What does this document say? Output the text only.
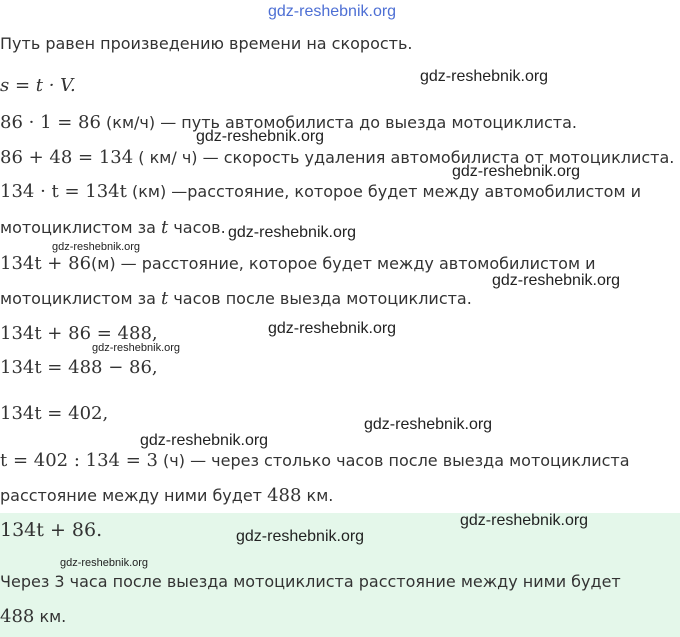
Путь равен произведению времени на скорость.
s = t · V.
86 · 1 = 86 (км/ч) — путь автомобилиста до выезда мотоциклиста.
86 + 48 = 134 ( км/ ч) — скорость удаления автомобилиста от мотоциклиста.
134 · t = 134t (км) —расстояние, которое будет между автомобилистом и
мотоциклистом за t часов.
134t + 86(м) — расстояние, которое будет между автомобилистом и
мотоциклистом за t часов после выезда мотоциклиста.
134t + 86 = 488,
134t = 488 − 86,
134t = 402,
t = 402 : 134 = 3 (ч) — через столько часов после выезда мотоциклиста
расстояние между ними будет 488 км.
134t + 86.
Через 3 часа после выезда мотоциклиста расстояние между ними будет
488 км.
gdz-reshebnik.org
gdz-reshebnik.org
gdz-reshebnik.org
gdz-reshebnik.org
gdz-reshebnik.org
gdz-reshebnik.org
gdz-reshebnik.org
gdz-reshebnik.org
gdz-reshebnik.org
gdz-reshebnik.org
gdz-reshebnik.org
gdz-reshebnik.org
gdz-reshebnik.org
gdz-reshebnik.org
